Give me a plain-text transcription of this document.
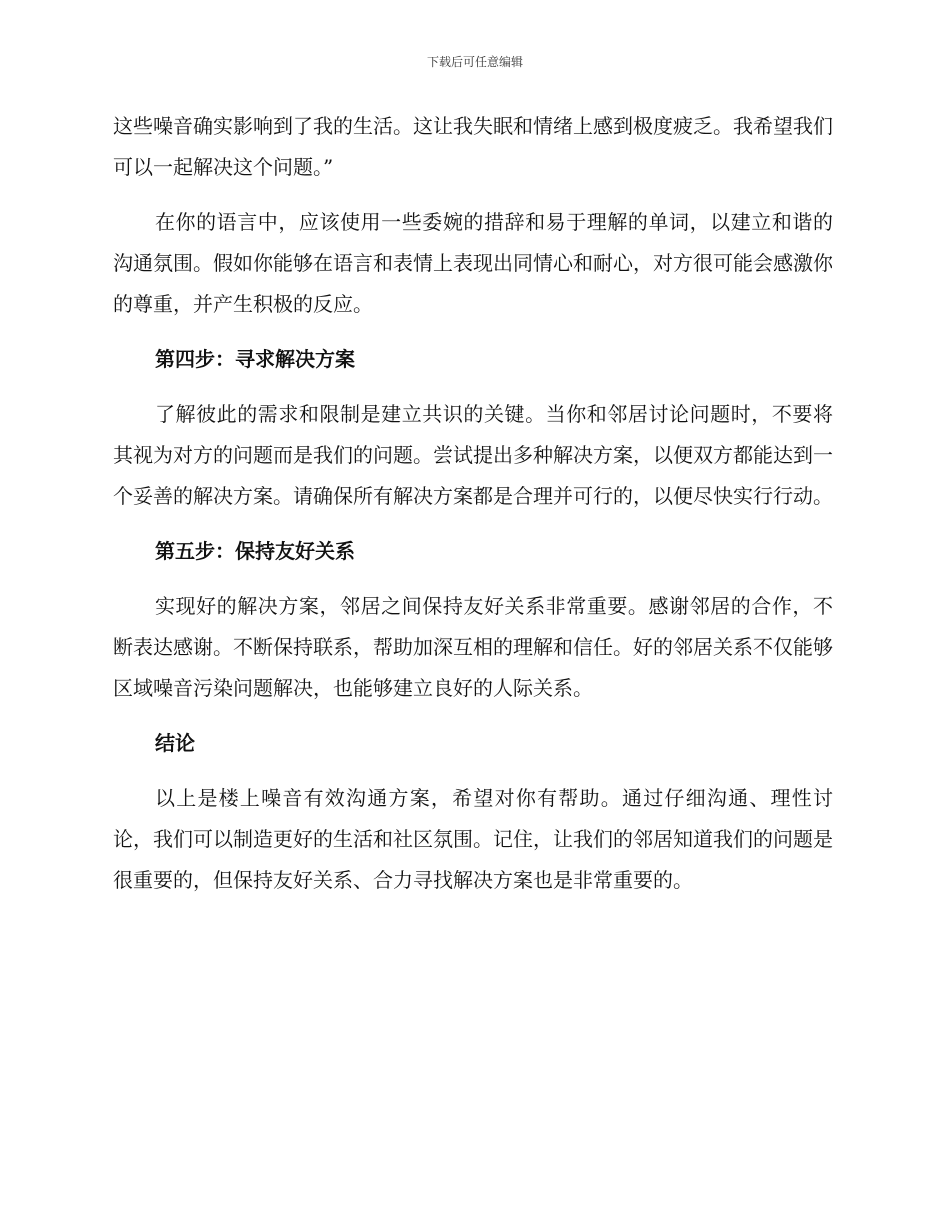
下载后可任意编辑

这些噪音确实影响到了我的生活。这让我失眠和情绪上感到极度疲乏。我希望我们可以一起解决这个问题。”

在你的语言中，应该使用一些委婉的措辞和易于理解的单词，以建立和谐的沟通氛围。假如你能够在语言和表情上表现出同情心和耐心，对方很可能会感激你的尊重，并产生积极的反应。

第四步：寻求解决方案

了解彼此的需求和限制是建立共识的关键。当你和邻居讨论问题时，不要将其视为对方的问题而是我们的问题。尝试提出多种解决方案，以便双方都能达到一个妥善的解决方案。请确保所有解决方案都是合理并可行的，以便尽快实行行动。

第五步：保持友好关系

实现好的解决方案，邻居之间保持友好关系非常重要。感谢邻居的合作，不断表达感谢。不断保持联系，帮助加深互相的理解和信任。好的邻居关系不仅能够区域噪音污染问题解决，也能够建立良好的人际关系。

结论

以上是楼上噪音有效沟通方案，希望对你有帮助。通过仔细沟通、理性讨论，我们可以制造更好的生活和社区氛围。记住，让我们的邻居知道我们的问题是很重要的，但保持友好关系、合力寻找解决方案也是非常重要的。
